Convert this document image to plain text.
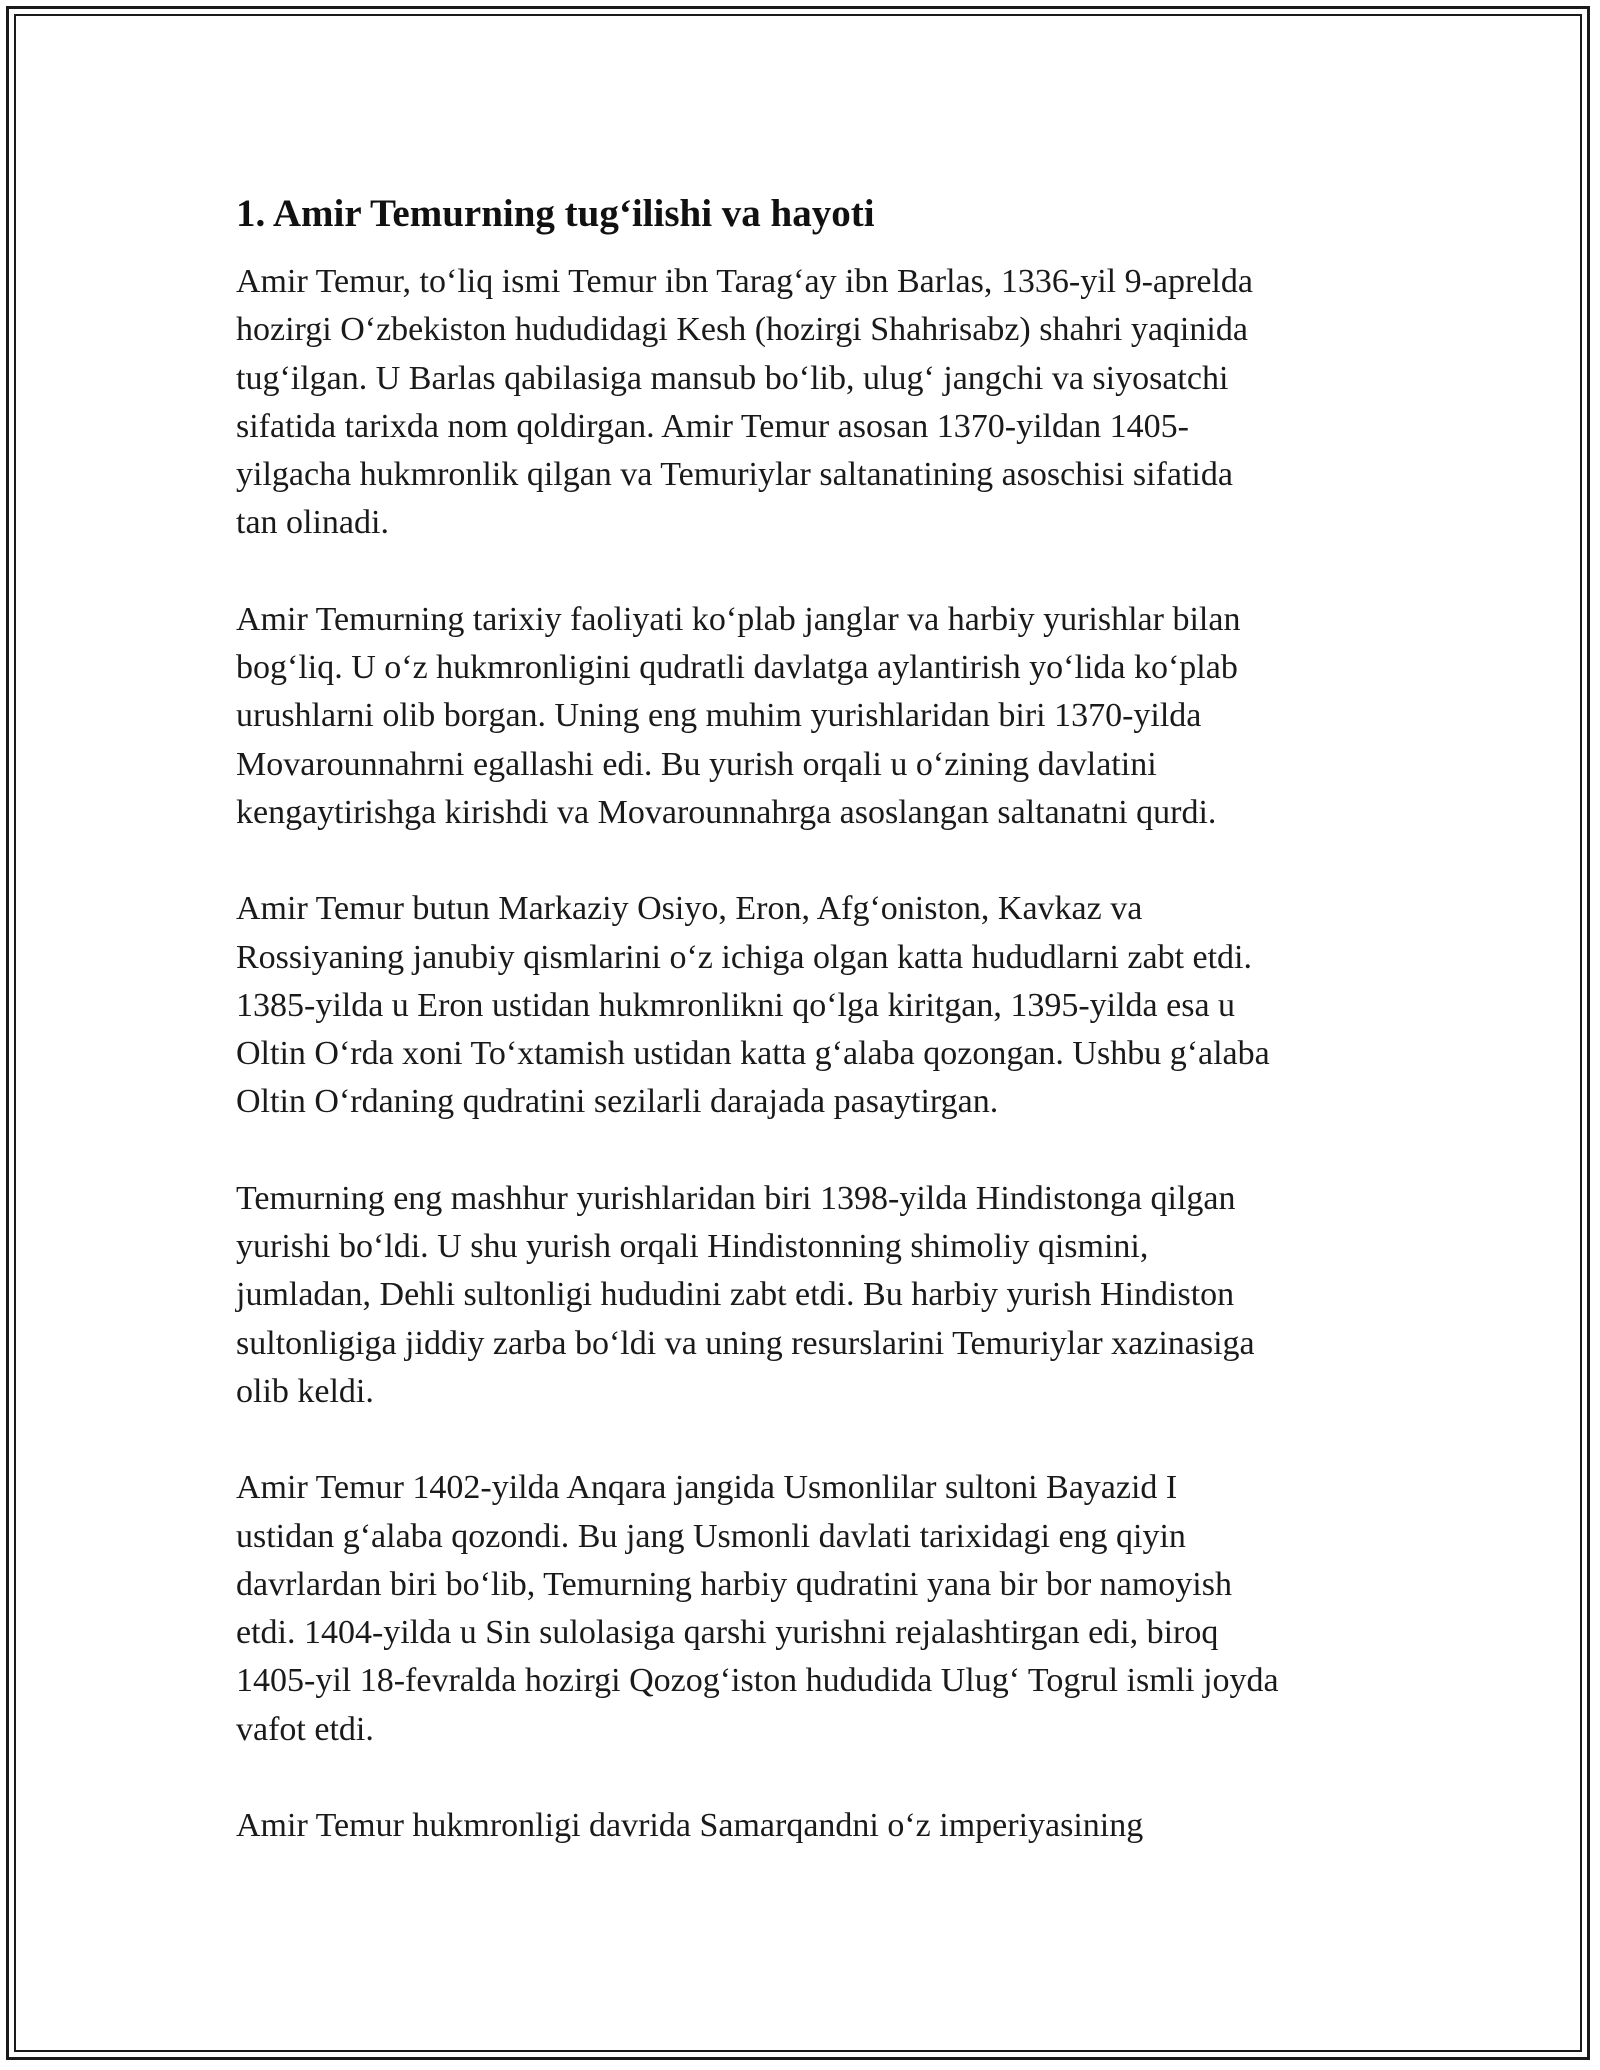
1. Amir Temurning tug‘ilishi va hayoti
Amir Temur, to‘liq ismi Temur ibn Tarag‘ay ibn Barlas, 1336-yil 9-aprelda
hozirgi O‘zbekiston hududidagi Kesh (hozirgi Shahrisabz) shahri yaqinida
tug‘ilgan. U Barlas qabilasiga mansub bo‘lib, ulug‘ jangchi va siyosatchi
sifatida tarixda nom qoldirgan. Amir Temur asosan 1370-yildan 1405-
yilgacha hukmronlik qilgan va Temuriylar saltanatining asoschisi sifatida
tan olinadi.
Amir Temurning tarixiy faoliyati ko‘plab janglar va harbiy yurishlar bilan
bog‘liq. U o‘z hukmronligini qudratli davlatga aylantirish yo‘lida ko‘plab
urushlarni olib borgan. Uning eng muhim yurishlaridan biri 1370-yilda
Movarounnahrni egallashi edi. Bu yurish orqali u o‘zining davlatini
kengaytirishga kirishdi va Movarounnahrga asoslangan saltanatni qurdi.
Amir Temur butun Markaziy Osiyo, Eron, Afg‘oniston, Kavkaz va
Rossiyaning janubiy qismlarini o‘z ichiga olgan katta hududlarni zabt etdi.
1385-yilda u Eron ustidan hukmronlikni qo‘lga kiritgan, 1395-yilda esa u
Oltin O‘rda xoni To‘xtamish ustidan katta g‘alaba qozongan. Ushbu g‘alaba
Oltin O‘rdaning qudratini sezilarli darajada pasaytirgan.
Temurning eng mashhur yurishlaridan biri 1398-yilda Hindistonga qilgan
yurishi bo‘ldi. U shu yurish orqali Hindistonning shimoliy qismini,
jumladan, Dehli sultonligi hududini zabt etdi. Bu harbiy yurish Hindiston
sultonligiga jiddiy zarba bo‘ldi va uning resurslarini Temuriylar xazinasiga
olib keldi.
Amir Temur 1402-yilda Anqara jangida Usmonlilar sultoni Bayazid I
ustidan g‘alaba qozondi. Bu jang Usmonli davlati tarixidagi eng qiyin
davrlardan biri bo‘lib, Temurning harbiy qudratini yana bir bor namoyish
etdi. 1404-yilda u Sin sulolasiga qarshi yurishni rejalashtirgan edi, biroq
1405-yil 18-fevralda hozirgi Qozog‘iston hududida Ulug‘ Togrul ismli joyda
vafot etdi.
Amir Temur hukmronligi davrida Samarqandni o‘z imperiyasining
